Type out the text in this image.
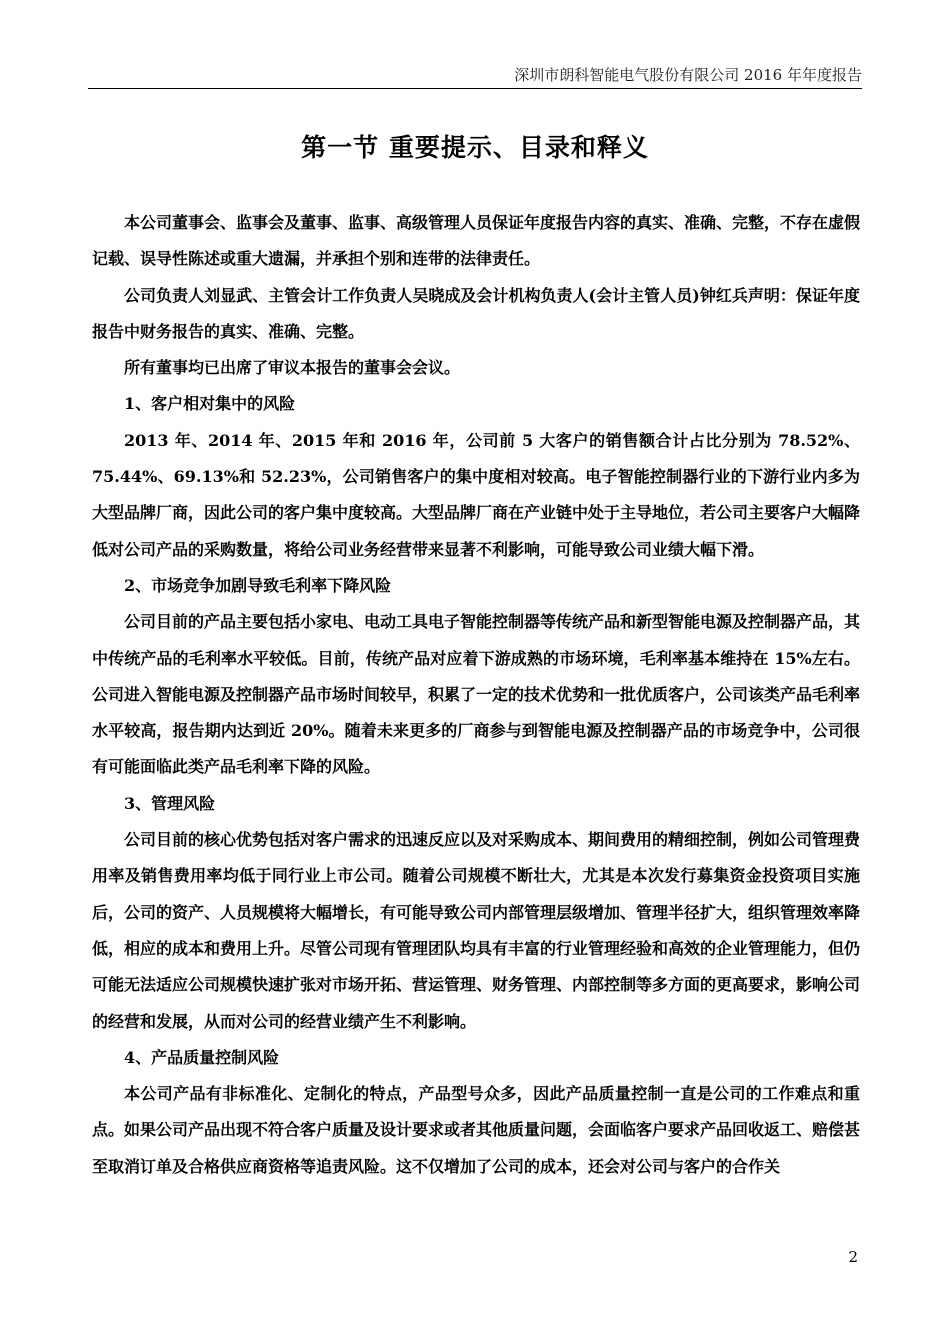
深圳市朗科智能电气股份有限公司 2016 年年度报告
第一节 重要提示、目录和释义

本公司董事会、监事会及董事、监事、高级管理人员保证年度报告内容的真实、准确、完整，不存在虚假记载、误导性陈述或重大遗漏，并承担个别和连带的法律责任。

公司负责人刘显武、主管会计工作负责人吴晓成及会计机构负责人(会计主管人员)钟红兵声明：保证年度报告中财务报告的真实、准确、完整。

所有董事均已出席了审议本报告的董事会会议。

1、客户相对集中的风险

2013 年、2014 年、2015 年和 2016 年，公司前 5 大客户的销售额合计占比分别为 78.52%、75.44%、69.13%和 52.23%，公司销售客户的集中度相对较高。电子智能控制器行业的下游行业内多为大型品牌厂商，因此公司的客户集中度较高。大型品牌厂商在产业链中处于主导地位，若公司主要客户大幅降低对公司产品的采购数量，将给公司业务经营带来显著不利影响，可能导致公司业绩大幅下滑。

2、市场竞争加剧导致毛利率下降风险

公司目前的产品主要包括小家电、电动工具电子智能控制器等传统产品和新型智能电源及控制器产品，其中传统产品的毛利率水平较低。目前，传统产品对应着下游成熟的市场环境，毛利率基本维持在 15%左右。公司进入智能电源及控制器产品市场时间较早，积累了一定的技术优势和一批优质客户，公司该类产品毛利率水平较高，报告期内达到近 20%。随着未来更多的厂商参与到智能电源及控制器产品的市场竞争中，公司很有可能面临此类产品毛利率下降的风险。

3、管理风险

公司目前的核心优势包括对客户需求的迅速反应以及对采购成本、期间费用的精细控制，例如公司管理费用率及销售费用率均低于同行业上市公司。随着公司规模不断壮大，尤其是本次发行募集资金投资项目实施后，公司的资产、人员规模将大幅增长，有可能导致公司内部管理层级增加、管理半径扩大，组织管理效率降低，相应的成本和费用上升。尽管公司现有管理团队均具有丰富的行业管理经验和高效的企业管理能力，但仍可能无法适应公司规模快速扩张对市场开拓、营运管理、财务管理、内部控制等多方面的更高要求，影响公司的经营和发展，从而对公司的经营业绩产生不利影响。

4、产品质量控制风险

本公司产品有非标准化、定制化的特点，产品型号众多，因此产品质量控制一直是公司的工作难点和重点。如果公司产品出现不符合客户质量及设计要求或者其他质量问题，会面临客户要求产品回收返工、赔偿甚至取消订单及合格供应商资格等追责风险。这不仅增加了公司的成本，还会对公司与客户的合作关

2
